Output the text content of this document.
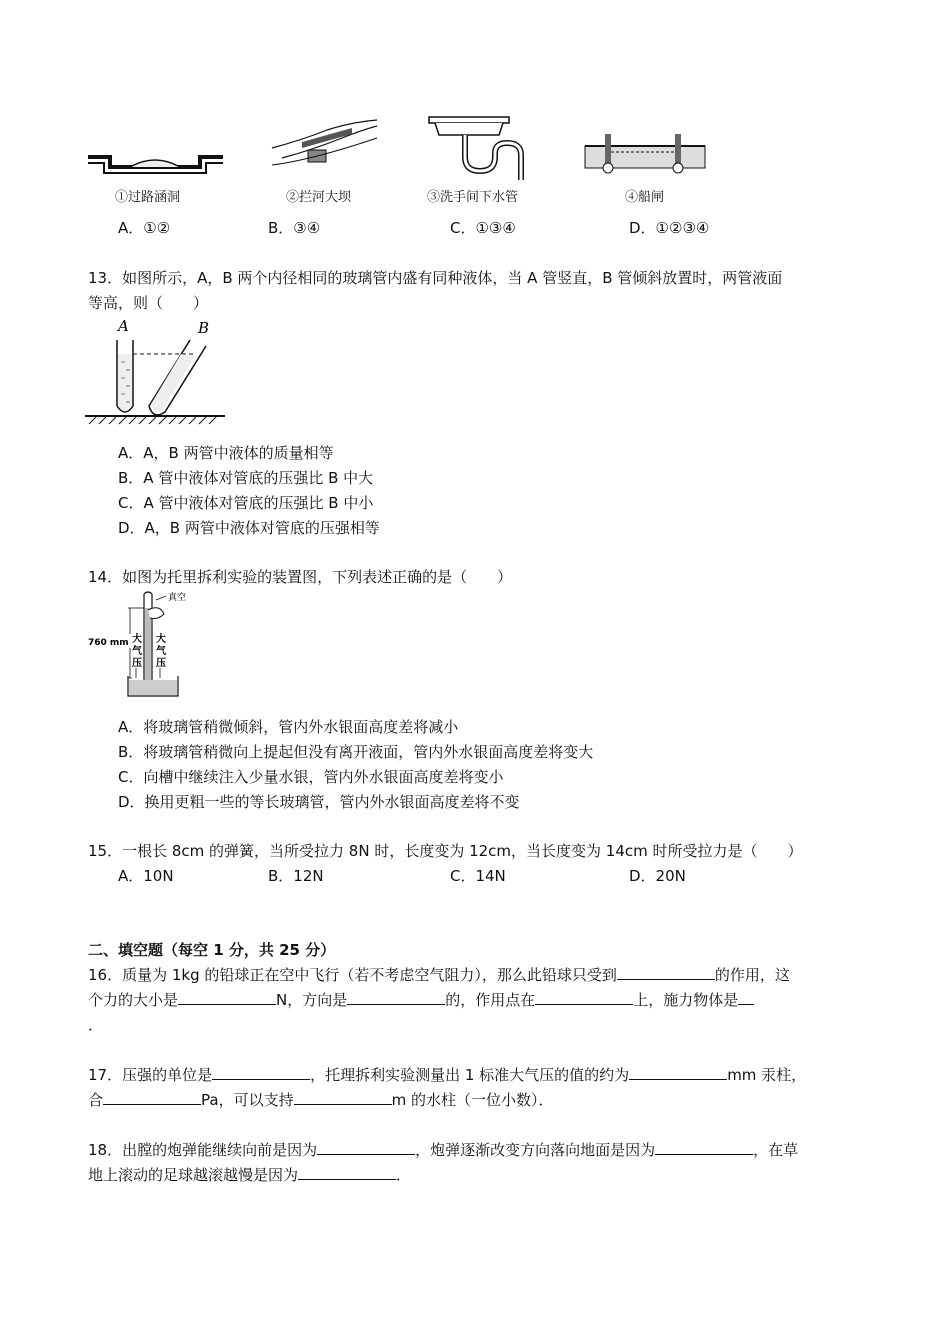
①过路涵洞	②拦河大坝	③洗手间下水管	④船闸
A．①②	B．③④	C．①③④	D．①②③④
13．如图所示，A，B 两个内径相同的玻璃管内盛有同种液体，当 A 管竖直，B 管倾斜放置时，两管液面
等高，则（　　）
A	B
A．A，B 两管中液体的质量相等
B．A 管中液体对管底的压强比 B 中大
C．A 管中液体对管底的压强比 B 中小
D．A，B 两管中液体对管底的压强相等
14．如图为托里拆利实验的装置图，下列表述正确的是（　　）
真空
760 mm 大
气
压
大
气
压
A．将玻璃管稍微倾斜，管内外水银面高度差将减小
B．将玻璃管稍微向上提起但没有离开液面，管内外水银面高度差将变大
C．向槽中继续注入少量水银，管内外水银面高度差将变小
D．换用更粗一些的等长玻璃管，管内外水银面高度差将不变
15．一根长 8cm 的弹簧，当所受拉力 8N 时，长度变为 12cm，当长度变为 14cm 时所受拉力是（　　）
A．10N	B．12N	C．14N	D．20N
二、填空题（每空 1 分，共 25 分）
16．质量为 1kg 的铅球正在空中飞行（若不考虑空气阻力），那么此铅球只受到	的作用，这
个力的大小是	N，方向是	的，作用点在	上，施力物体是
．
17．压强的单位是	，托理拆利实验测量出 1 标准大气压的值的约为	mm 汞柱，
合	Pa，可以支持	m 的水柱（一位小数）．
18．出膛的炮弹能继续向前是因为	，炮弹逐渐改变方向落向地面是因为	，在草
地上滚动的足球越滚越慢是因为	．
